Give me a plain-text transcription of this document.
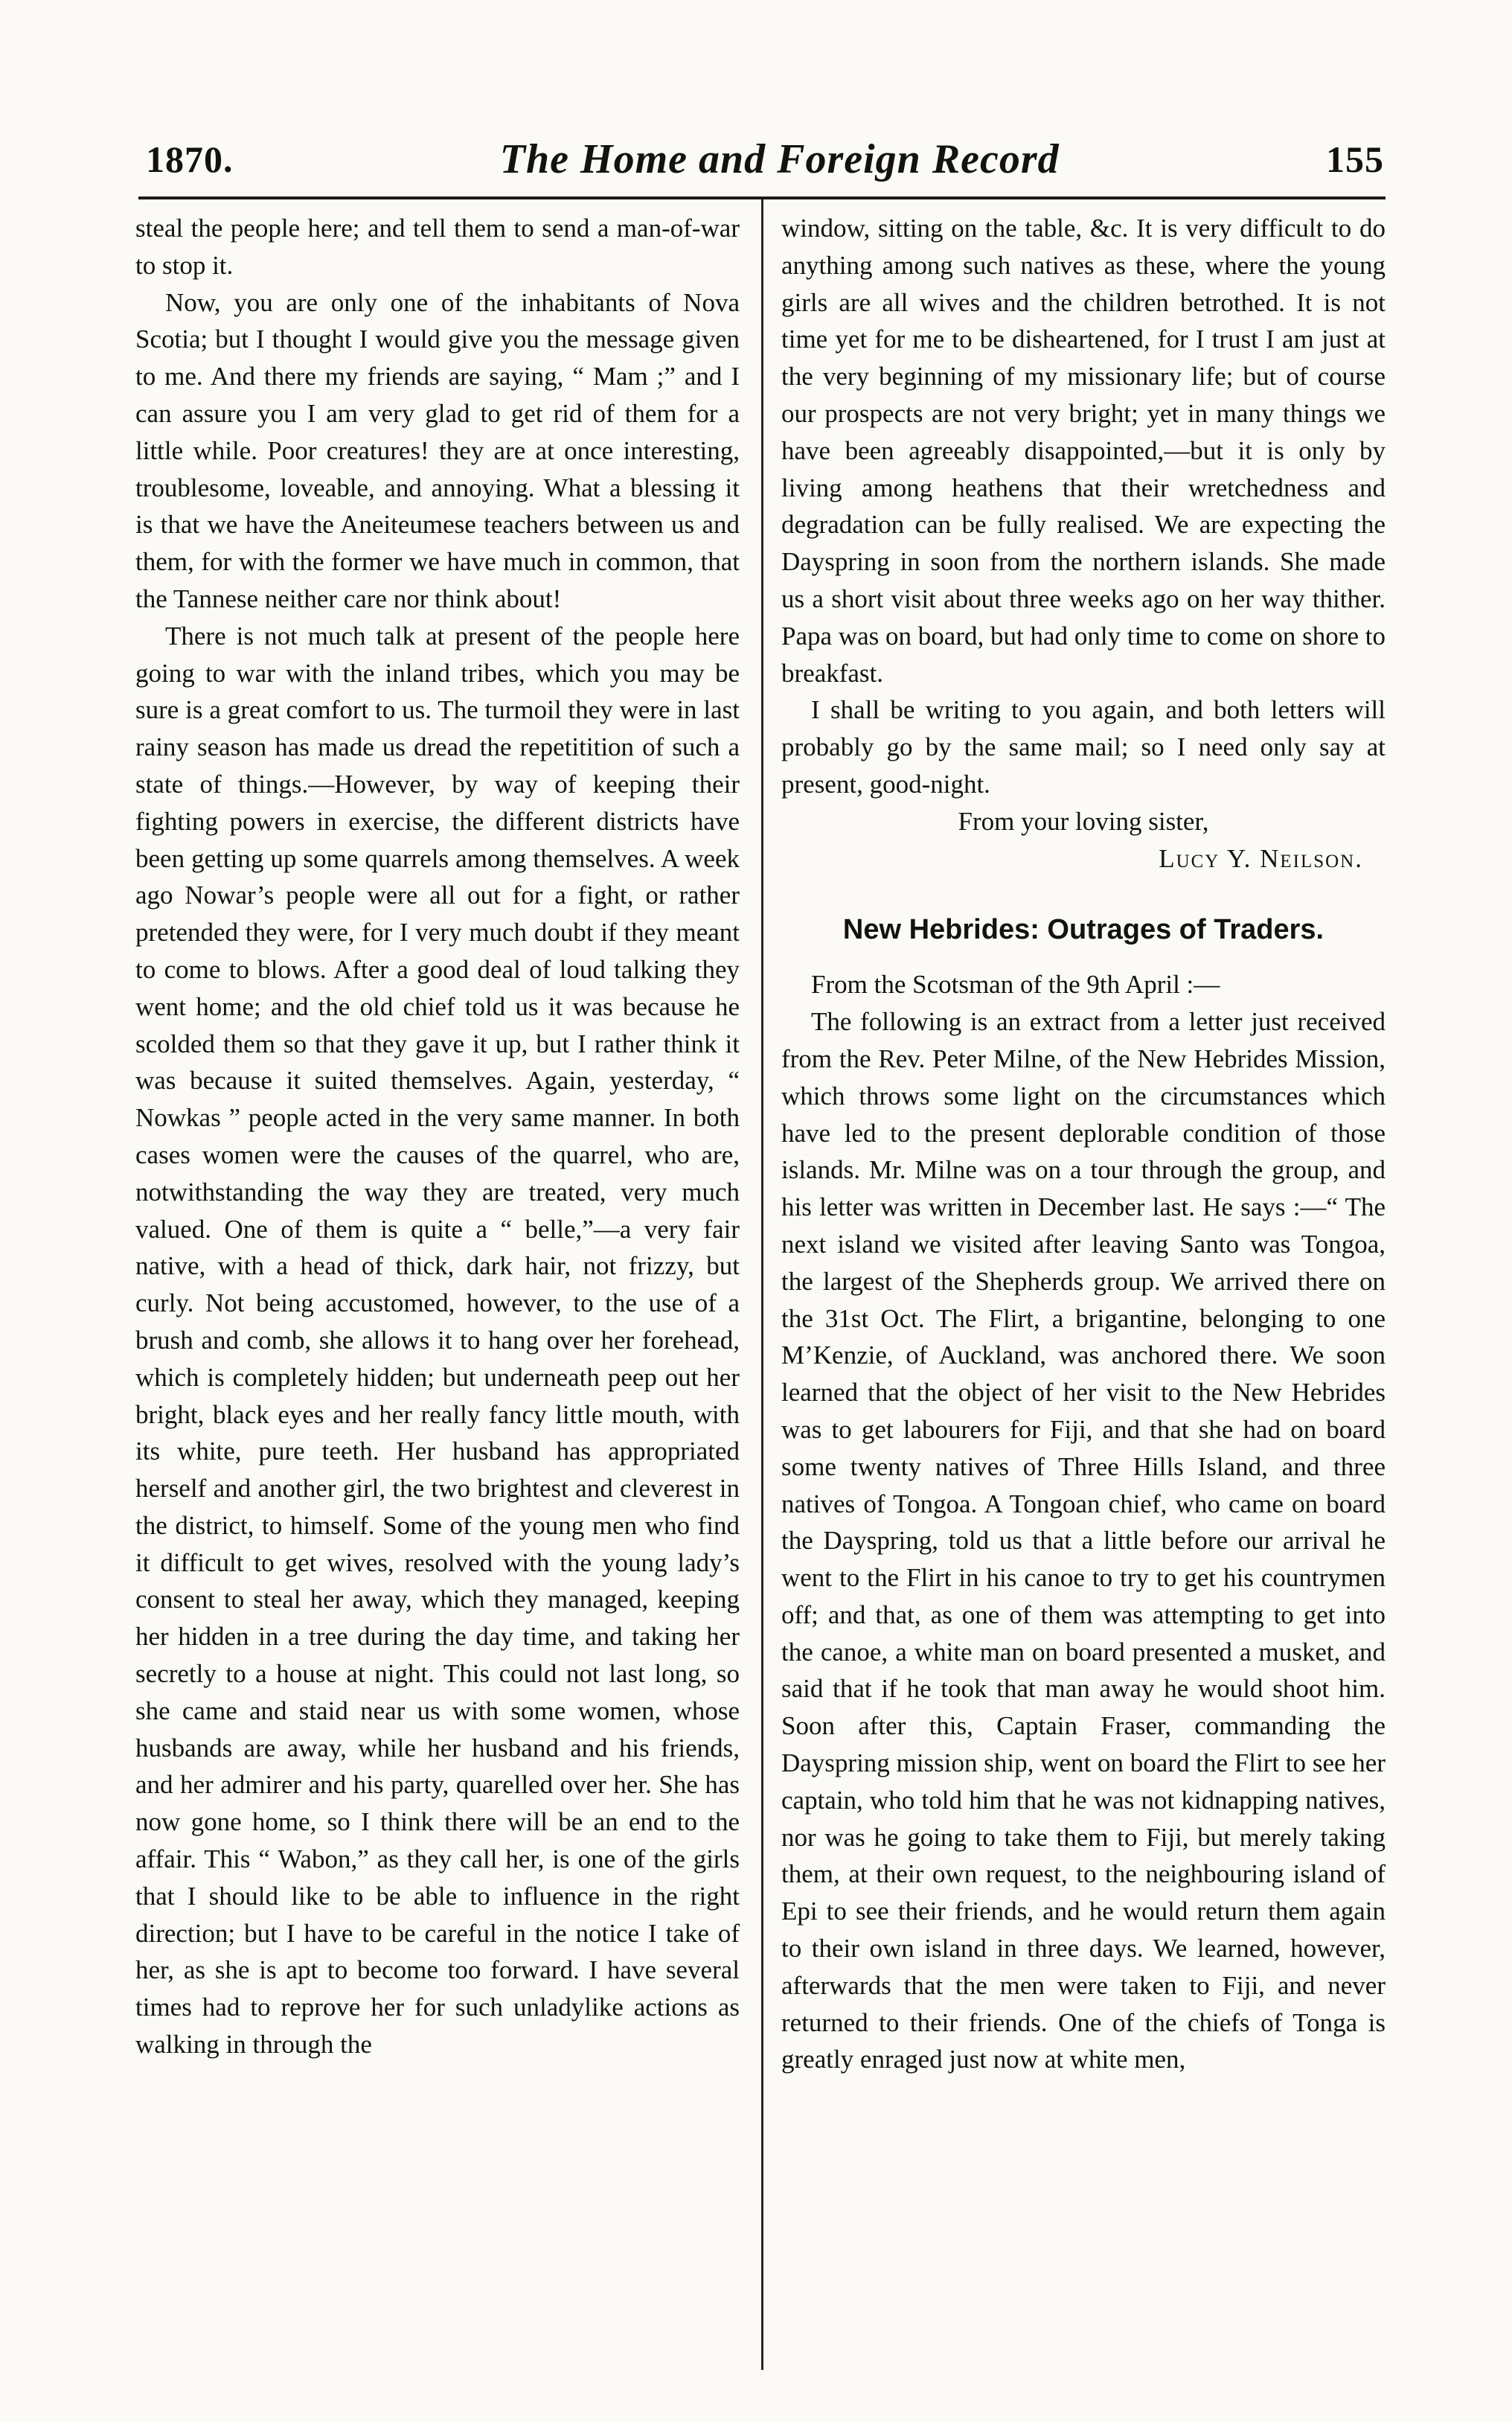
1870.	The Home and Foreign Record	155

steal the people here; and tell them to send a man-of-war to stop it.

Now, you are only one of the inhabitants of Nova Scotia; but I thought I would give you the message given to me. And there my friends are saying, “ Mam ;” and I can assure you I am very glad to get rid of them for a little while. Poor creatures! they are at once interesting, troublesome, loveable, and annoying. What a blessing it is that we have the Aneiteumese teachers between us and them, for with the former we have much in common, that the Tannese neither care nor think about!

There is not much talk at present of the people here going to war with the inland tribes, which you may be sure is a great comfort to us. The turmoil they were in last rainy season has made us dread the repetitition of such a state of things.—However, by way of keeping their fighting powers in exercise, the different districts have been getting up some quarrels among themselves. A week ago Nowar’s people were all out for a fight, or rather pretended they were, for I very much doubt if they meant to come to blows. After a good deal of loud talking they went home; and the old chief told us it was because he scolded them so that they gave it up, but I rather think it was because it suited themselves. Again, yesterday, “ Nowkas ” people acted in the very same manner. In both cases women were the causes of the quarrel, who are, notwithstanding the way they are treated, very much valued. One of them is quite a “ belle,”—a very fair native, with a head of thick, dark hair, not frizzy, but curly. Not being accustomed, however, to the use of a brush and comb, she allows it to hang over her forehead, which is completely hidden; but underneath peep out her bright, black eyes and her really fancy little mouth, with its white, pure teeth. Her husband has appropriated herself and another girl, the two brightest and cleverest in the district, to himself. Some of the young men who find it difficult to get wives, resolved with the young lady’s consent to steal her away, which they managed, keeping her hidden in a tree during the day time, and taking her secretly to a house at night. This could not last long, so she came and staid near us with some women, whose husbands are away, while her husband and his friends, and her admirer and his party, quarelled over her. She has now gone home, so I think there will be an end to the affair. This “ Wabon,” as they call her, is one of the girls that I should like to be able to influence in the right direction; but I have to be careful in the notice I take of her, as she is apt to become too forward. I have several times had to reprove her for such unladylike actions as walking in through the

window, sitting on the table, &c. It is very difficult to do anything among such natives as these, where the young girls are all wives and the children betrothed. It is not time yet for me to be disheartened, for I trust I am just at the very beginning of my missionary life; but of course our prospects are not very bright; yet in many things we have been agreeably disappointed,—but it is only by living among heathens that their wretchedness and degradation can be fully realised. We are expecting the Dayspring in soon from the northern islands. She made us a short visit about three weeks ago on her way thither. Papa was on board, but had only time to come on shore to breakfast.

I shall be writing to you again, and both letters will probably go by the same mail; so I need only say at present, good-night.

From your loving sister,

Lucy Y. Neilson.

New Hebrides: Outrages of Traders.

From the Scotsman of the 9th April :—

The following is an extract from a letter just received from the Rev. Peter Milne, of the New Hebrides Mission, which throws some light on the circumstances which have led to the present deplorable condition of those islands. Mr. Milne was on a tour through the group, and his letter was written in December last. He says :—“ The next island we visited after leaving Santo was Tongoa, the largest of the Shepherds group. We arrived there on the 31st Oct. The Flirt, a brigantine, belonging to one M’Kenzie, of Auckland, was anchored there. We soon learned that the object of her visit to the New Hebrides was to get labourers for Fiji, and that she had on board some twenty natives of Three Hills Island, and three natives of Tongoa. A Tongoan chief, who came on board the Dayspring, told us that a little before our arrival he went to the Flirt in his canoe to try to get his countrymen off; and that, as one of them was attempting to get into the canoe, a white man on board presented a musket, and said that if he took that man away he would shoot him. Soon after this, Captain Fraser, commanding the Dayspring mission ship, went on board the Flirt to see her captain, who told him that he was not kidnapping natives, nor was he going to take them to Fiji, but merely taking them, at their own request, to the neighbouring island of Epi to see their friends, and he would return them again to their own island in three days. We learned, however, afterwards that the men were taken to Fiji, and never returned to their friends. One of the chiefs of Tonga is greatly enraged just now at white men,
